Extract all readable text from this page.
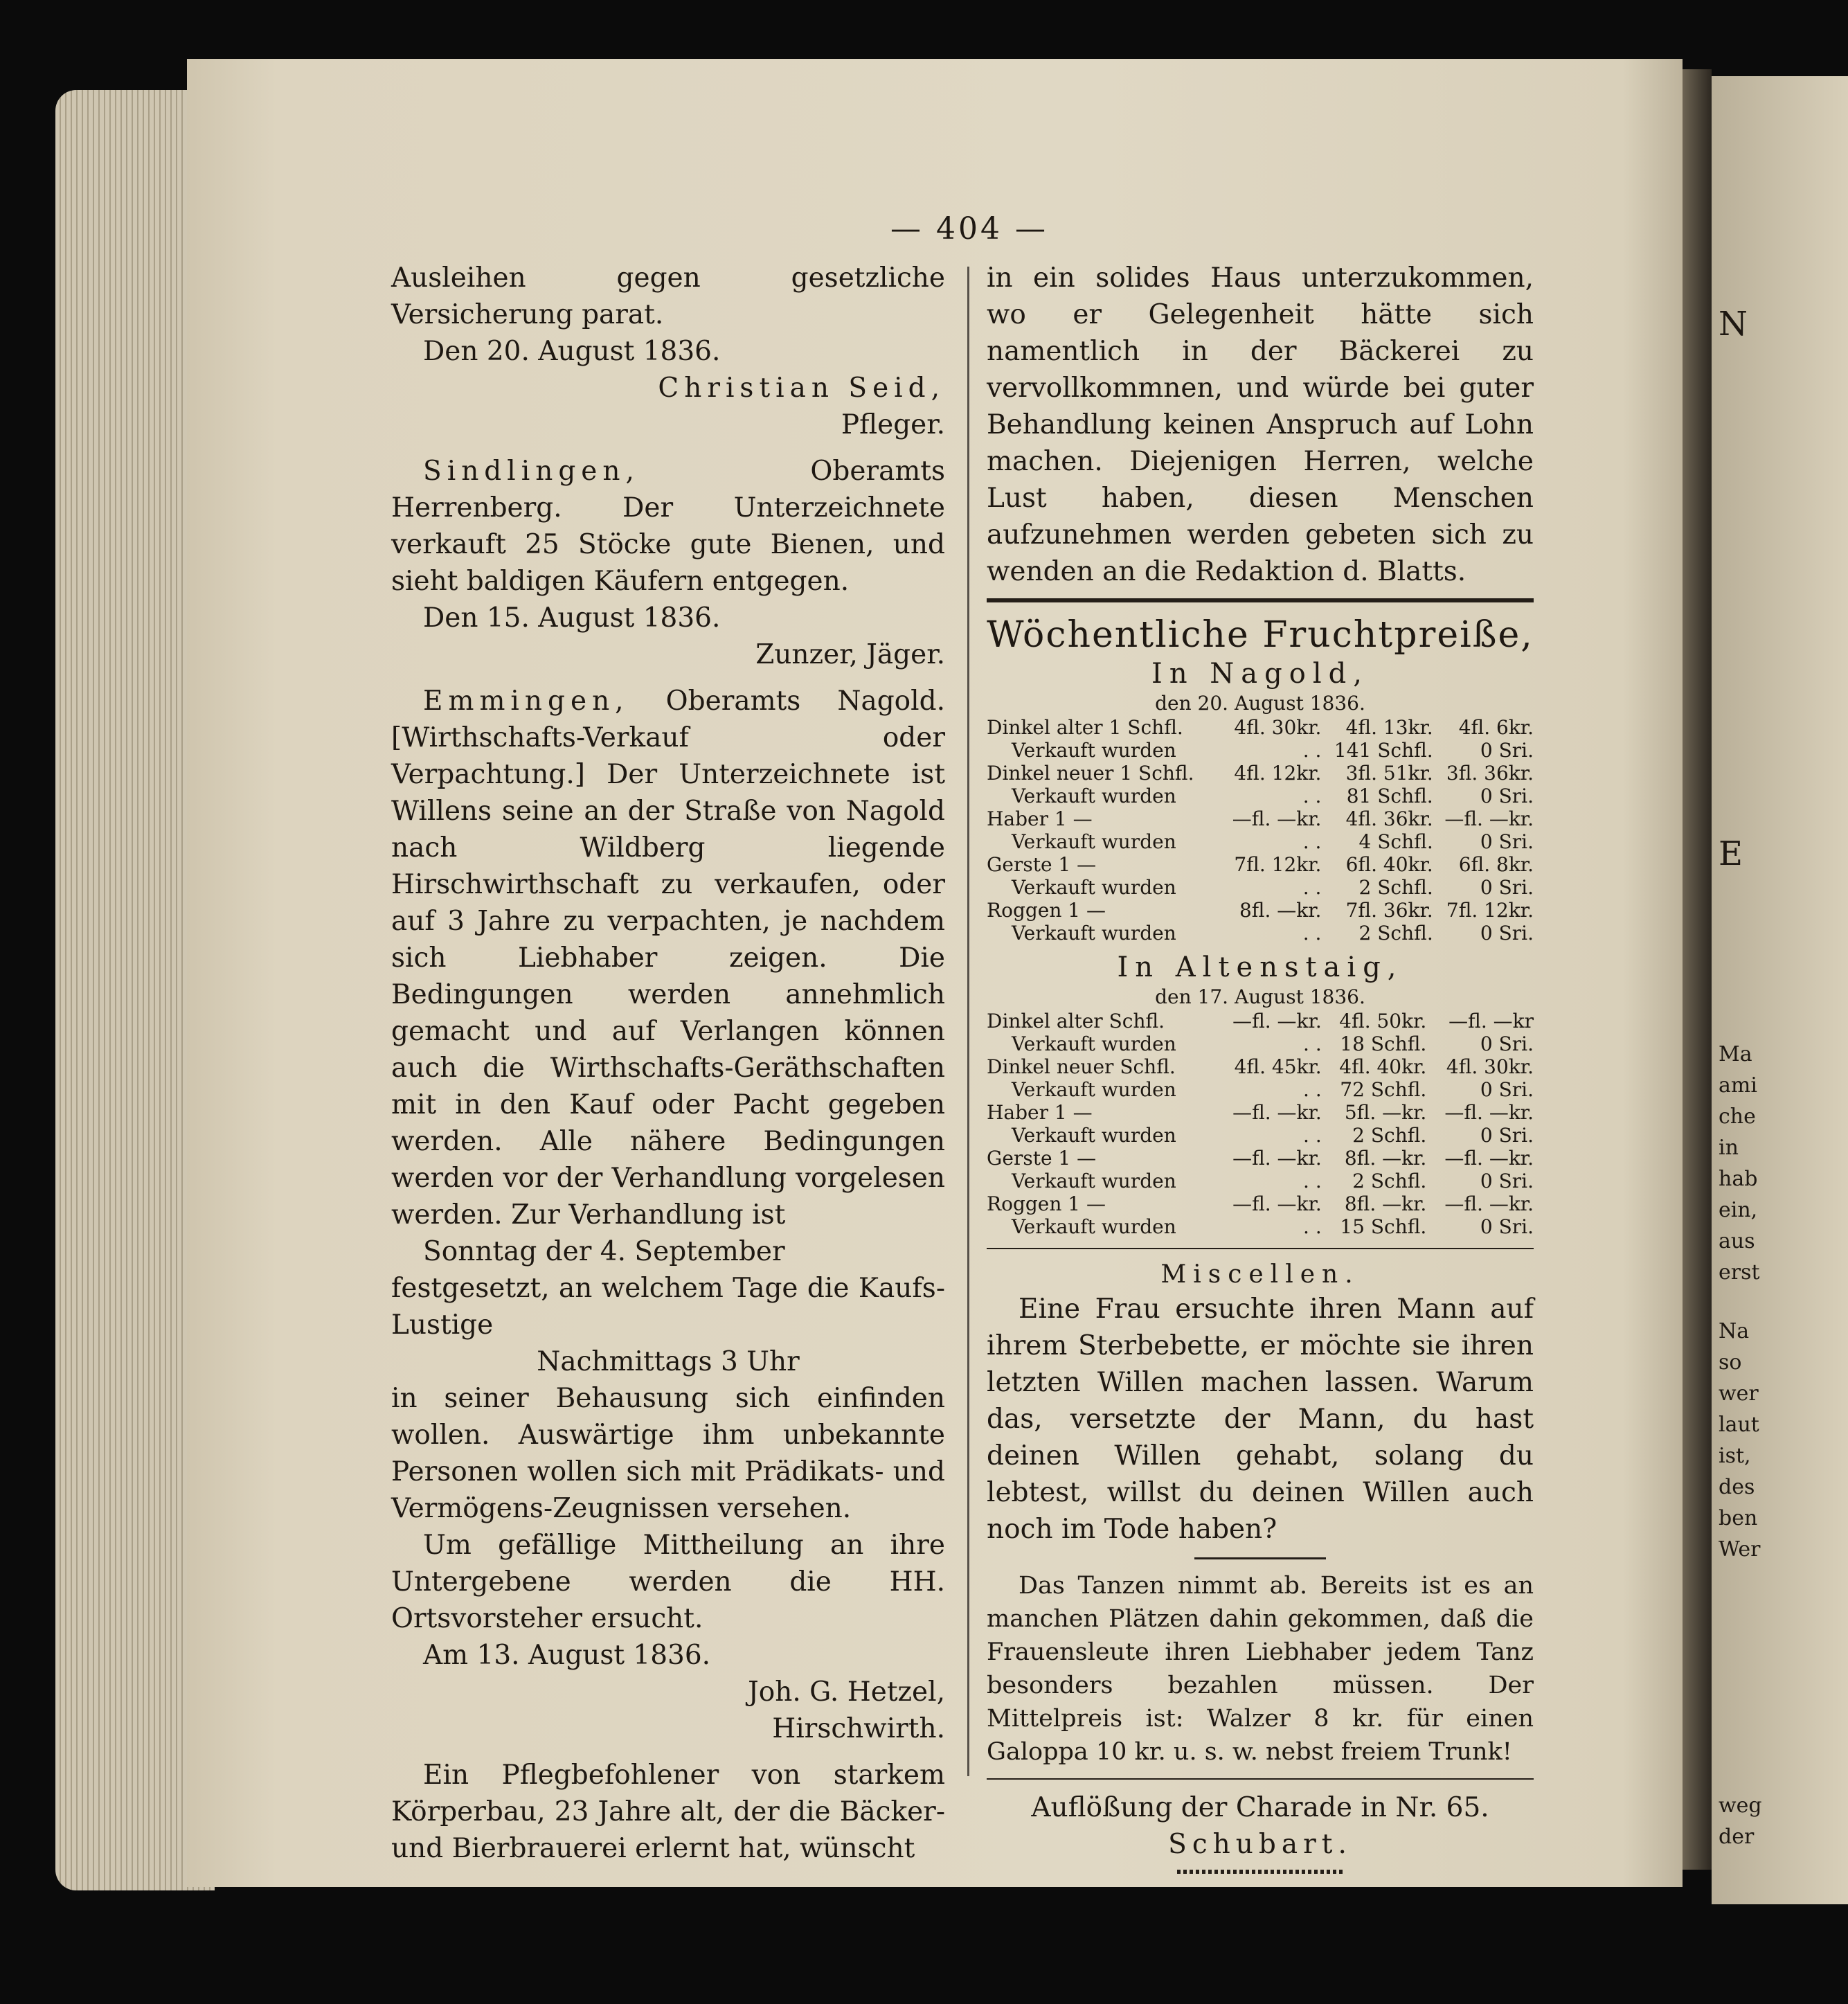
N
E
Ma
ami
che
in
hab
ein,
aus
erst
Na
so
wer
laut
ist,
des
ben
Wer
weg
der
— 404 —

Ausleihen gegen gesetzliche Versicherung parat.

Den 20. August 1836.

Christian Seid,

Pfleger.

Sindlingen,	Oberamts Herrenberg. Der Unterzeichnete verkauft 25 Stöcke gute Bienen, und sieht baldigen Käufern entgegen.

Den 15. August 1836.

Zunzer, Jäger.

Emmingen, Oberamts Nagold. [Wirthschafts-Verkauf oder Verpachtung.] Der Unterzeichnete ist Willens seine an der Straße von Nagold nach Wildberg liegende Hirschwirthschaft zu verkaufen, oder auf 3 Jahre zu verpachten, je nachdem sich Liebhaber zeigen. Die Bedingungen werden annehmlich gemacht und auf Verlangen können auch die Wirthschafts-Geräthschaften mit in den Kauf oder Pacht gegeben werden. Alle nähere Bedingungen werden vor der Verhandlung vorgelesen werden. Zur Verhandlung ist

Sonntag der 4. September

festgesetzt, an welchem Tage die Kaufs-Lustige

Nachmittags 3 Uhr

in seiner Behausung sich einfinden wollen. Auswärtige ihm unbekannte Personen wollen sich mit Prädikats- und Vermögens-Zeugnissen versehen.

Um gefällige Mittheilung an ihre Untergebene werden die HH. Ortsvorsteher ersucht.

Am 13. August 1836.

Joh. G. Hetzel,

Hirschwirth.

Ein Pflegbefohlener von starkem Körperbau, 23 Jahre alt, der die Bäcker- und Bierbrauerei erlernt hat, wünscht

in ein solides Haus unterzukommen, wo er Gelegenheit hätte sich namentlich in der Bäckerei zu vervollkommnen, und würde bei guter Behandlung keinen Anspruch auf Lohn machen. Diejenigen Herren, welche Lust haben, diesen Menschen aufzunehmen werden gebeten sich zu wenden an die Redaktion d. Blatts.

Wöchentliche Fruchtpreiße,
In Nagold,
den 20. August 1836.
Dinkel alter 1 Schfl.	4fl. 30kr.	4fl. 13kr.	4fl. 6kr.
Verkauft wurden	. .	141 Schfl.	0 Sri.
Dinkel neuer 1 Schfl.	4fl. 12kr.	3fl. 51kr.	3fl. 36kr.
Verkauft wurden	. .	81 Schfl.	0 Sri.
Haber 1 —	—fl. —kr.	4fl. 36kr.	—fl. —kr.
Verkauft wurden	. .	4 Schfl.	0 Sri.
Gerste 1 —	7fl. 12kr.	6fl. 40kr.	6fl. 8kr.
Verkauft wurden	. .	2 Schfl.	0 Sri.
Roggen 1 —	8fl. —kr.	7fl. 36kr.	7fl. 12kr.
Verkauft wurden	. .	2 Schfl.	0 Sri.
In Altenstaig,
den 17. August 1836.
Dinkel alter Schfl.	—fl. —kr.	4fl. 50kr.	—fl. —kr
Verkauft wurden	. .	18 Schfl.	0 Sri.
Dinkel neuer Schfl.	4fl. 45kr.	4fl. 40kr.	4fl. 30kr.
Verkauft wurden	. .	72 Schfl.	0 Sri.
Haber 1 —	—fl. —kr.	5fl. —kr.	—fl. —kr.
Verkauft wurden	. .	2 Schfl.	0 Sri.
Gerste 1 —	—fl. —kr.	8fl. —kr.	—fl. —kr.
Verkauft wurden	. .	2 Schfl.	0 Sri.
Roggen 1 —	—fl. —kr.	8fl. —kr.	—fl. —kr.
Verkauft wurden	. .	15 Schfl.	0 Sri.
Miscellen.

Eine Frau ersuchte ihren Mann auf ihrem Sterbebette, er möchte sie ihren letzten Willen machen lassen. Warum das, versetzte der Mann, du hast deinen Willen gehabt, solang du lebtest, willst du deinen Willen auch noch im Tode haben?

Das Tanzen nimmt ab. Bereits ist es an manchen Plätzen dahin gekommen, daß die Frauensleute ihren Liebhaber jedem Tanz besonders bezahlen müssen. Der Mittelpreis ist: Walzer 8 kr. für einen Galoppa 10 kr. u. s. w. nebst freiem Trunk!

Auflößung der Charade in Nr. 65.

Schubart.
